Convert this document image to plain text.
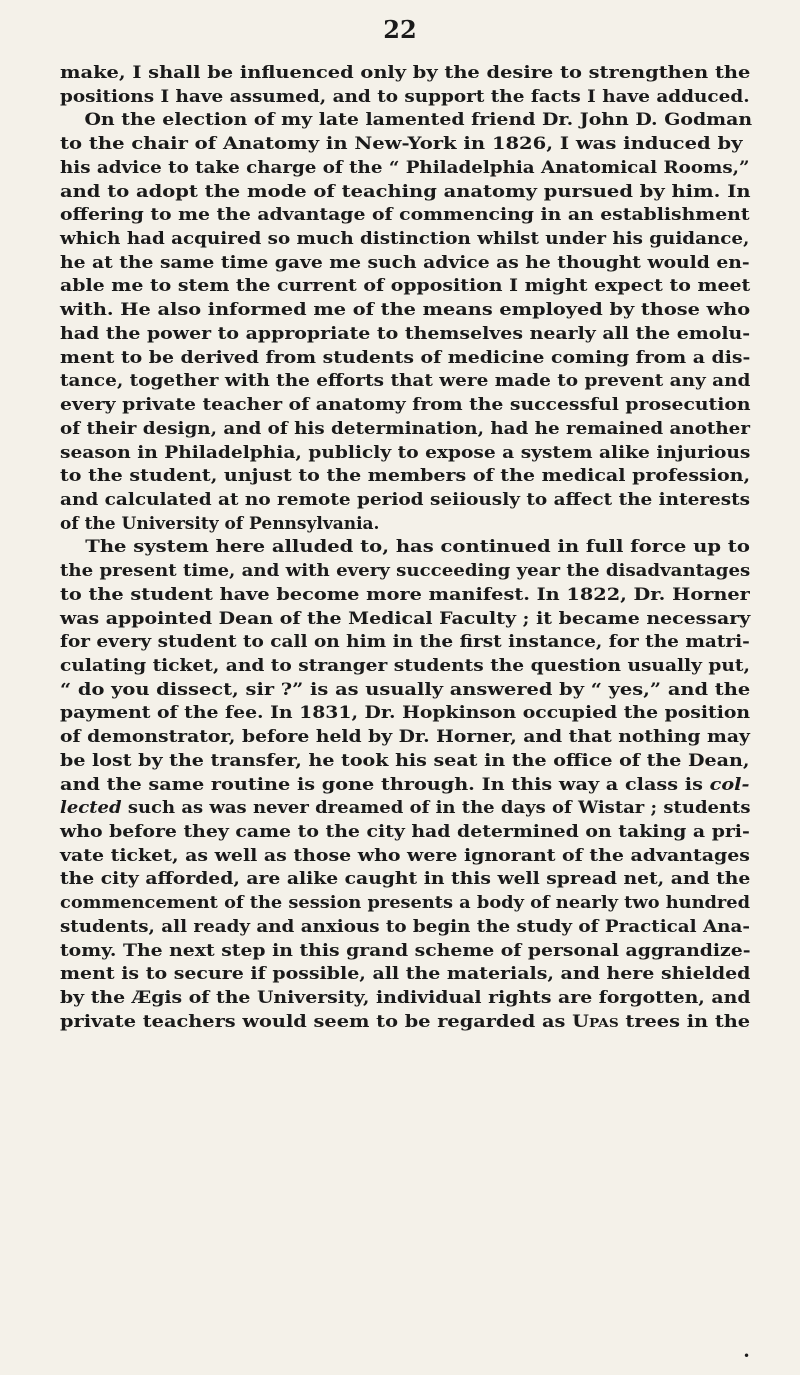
22
make, I shall be influenced only by the desire to strengthen the
positions I have assumed, and to support the facts I have adduced.
On the election of my late lamented friend Dr. John D. Godman
to the chair of Anatomy in New-York in 1826, I was induced by
his advice to take charge of the “ Philadelphia Anatomical Rooms,”
and to adopt the mode of teaching anatomy pursued by him. In
offering to me the advantage of commencing in an establishment
which had acquired so much distinction whilst under his guidance,
he at the same time gave me such advice as he thought would en-
able me to stem the current of opposition I might expect to meet
with. He also informed me of the means employed by those who
had the power to appropriate to themselves nearly all the emolu-
ment to be derived from students of medicine coming from a dis-
tance, together with the efforts that were made to prevent any and
every private teacher of anatomy from the successful prosecution
of their design, and of his determination, had he remained another
season in Philadelphia, publicly to expose a system alike injurious
to the student, unjust to the members of the medical profession,
and calculated at no remote period seiiously to affect the interests
of the University of Pennsylvania.
The system here alluded to, has continued in full force up to
the present time, and with every succeeding year the disadvantages
to the student have become more manifest. In 1822, Dr. Horner
was appointed Dean of the Medical Faculty ; it became necessary
for every student to call on him in the first instance, for the matri-
culating ticket, and to stranger students the question usually put,
“ do you dissect, sir ?” is as usually answered by “ yes,” and the
payment of the fee. In 1831, Dr. Hopkinson occupied the position
of demonstrator, before held by Dr. Horner, and that nothing may
be lost by the transfer, he took his seat in the office of the Dean,
and the same routine is gone through. In this way a class is col-
lected such as was never dreamed of in the days of Wistar ; students
who before they came to the city had determined on taking a pri-
vate ticket, as well as those who were ignorant of the advantages
the city afforded, are alike caught in this well spread net, and the
commencement of the session presents a body of nearly two hundred
students, all ready and anxious to begin the study of Practical Ana-
tomy. The next step in this grand scheme of personal aggrandize-
ment is to secure if possible, all the materials, and here shielded
by the Ægis of the University, individual rights are forgotten, and
private teachers would seem to be regarded as Upas trees in the
•
